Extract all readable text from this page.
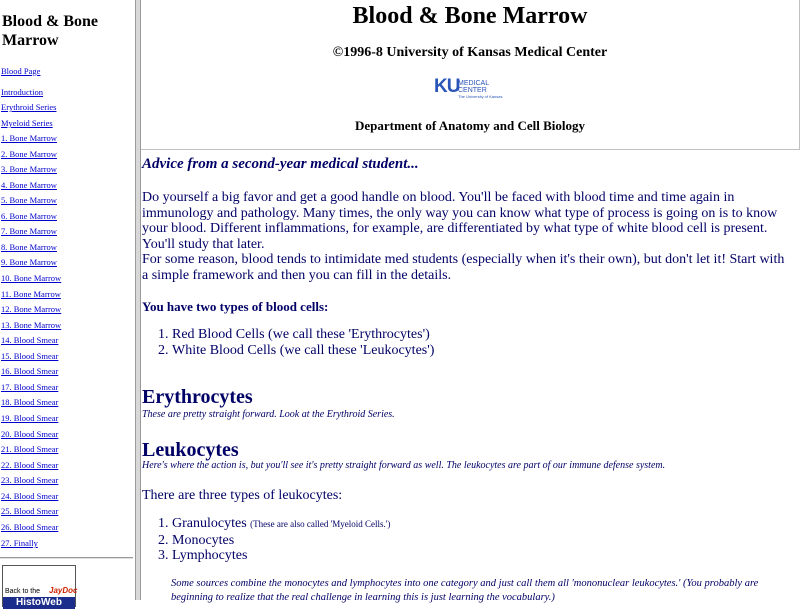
Blood & Bone Marrow
Blood Page
Introduction
Erythroid Series
Myeloid Series
1. Bone Marrow
2. Bone Marrow
3. Bone Marrow
4. Bone Marrow
5. Bone Marrow
6. Bone Marrow
7. Bone Marrow
8. Bone Marrow
9. Bone Marrow
10. Bone Marrow
11. Bone Marrow
12. Bone Marrow
13. Bone Marrow
14. Blood Smear
15. Blood Smear
16. Blood Smear
17. Blood Smear
18. Blood Smear
19. Blood Smear
20. Blood Smear
21. Blood Smear
22. Blood Smear
23. Blood Smear
24. Blood Smear
25. Blood Smear
26. Blood Smear
27. Finally
Back to the JayDoc
HistoWeb
Blood & Bone Marrow
©1996-8 University of Kansas Medical Center
KU
MEDICAL CENTER
The University of Kansas
Department of Anatomy and Cell Biology
Advice from a second-year medical student...

Do yourself a big favor and get a good handle on blood. You'll be faced with blood time and time again in immunology and pathology. Many times, the only way you can know what type of process is going on is to know your blood. Different inflammations, for example, are differentiated by what type of white blood cell is present. You'll study that later.

For some reason, blood tends to intimidate med students (especially when it's their own), but don't let it! Start with a simple framework and then you can fill in the details.

You have two types of blood cells:
1. Red Blood Cells (we call these 'Erythrocytes')
2. White Blood Cells (we call these 'Leukocytes')
Erythrocytes
These are pretty straight forward. Look at the Erythroid Series.
Leukocytes
Here's where the action is, but you'll see it's pretty straight forward as well. The leukocytes are part of our immune defense system.
There are three types of leukocytes:
1. Granulocytes (These are also called 'Myeloid Cells.')
2. Monocytes
3. Lymphocytes
Some sources combine the monocytes and lymphocytes into one category and just call them all 'mononuclear leukocytes.' (You probably are beginning to realize that the real challenge in learning this is just learning the vocabulary.)
